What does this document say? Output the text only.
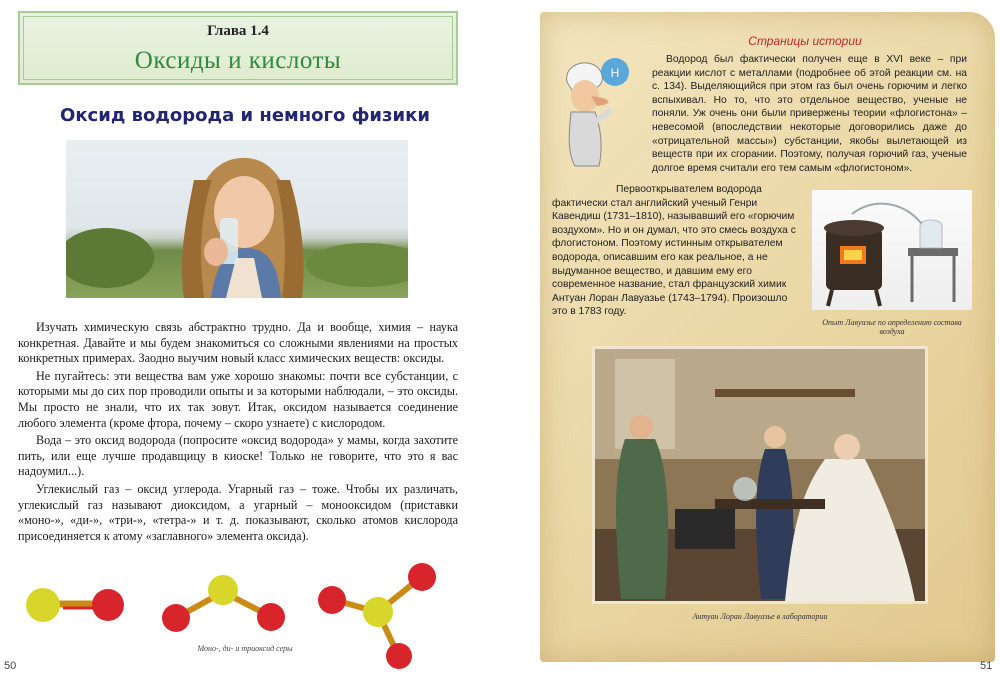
Глава 1.4
Оксиды и кислоты
Оксид водорода и немного физики

Изучать химическую связь абстрактно трудно. Да и вообще, химия – наука конкретная. Давайте и мы будем знакомиться со сложными явлениями на простых конкретных примерах. Заодно выучим новый класс химических веществ: оксиды.

Не пугайтесь: эти вещества вам уже хорошо знакомы: почти все субстанции, с которыми мы до сих пор проводили опыты и за которыми наблюдали, – это оксиды. Мы просто не знали, что их так зовут. Итак, оксидом называется соединение любого элемента (кроме фтора, почему – скоро узнаете) с кислородом.

Вода – это оксид водорода (попросите «оксид водорода» у мамы, когда захотите пить, или еще лучше продавщицу в киоске! Только не говорите, что это я вас надоумил...).

Углекислый газ – оксид углерода. Угарный газ – тоже. Чтобы их различать, углекислый газ называют диоксидом, а угарный – монооксидом (приставки «моно-», «ди-», «три-», «тетра-» и т. д. показывают, сколько атомов кислорода присоединяется к атому «заглавного» элемента оксида).

Моно-, ди- и триоксид серы
50
Страницы истории
H

Водород был фактически получен еще в XVI веке – при реакции кислот с металлами (подробнее об этой реакции см. на с. 134). Выделяющийся при этом газ был очень горючим и легко вспыхивал. Но то, что это отдельное вещество, ученые не поняли. Уж очень они были привержены теории «флогистона» – невесомой (впоследствии некоторые договорились даже до «отрицательной массы») субстанции, якобы вылетающей из веществ при их сгорании. Поэтому, получая горючий газ, ученые долгое время считали его тем самым «флогистоном».

Первооткрывателем водорода фактически стал английский ученый Генри Кавендиш (1731–1810), называвший его «горючим воздухом». Но и он думал, что это смесь воздуха с флогистоном. Поэтому истинным открывателем водорода, описавшим его как реальное, а не выдуманное вещество, и давшим ему его современное название, стал французский химик Антуан Лоран Лавуазье (1743–1794). Произошло это в 1783 году.

Опыт Лавуазье по определению состава воздуха
Антуан Лоран Лавуазье в лаборатории
51
